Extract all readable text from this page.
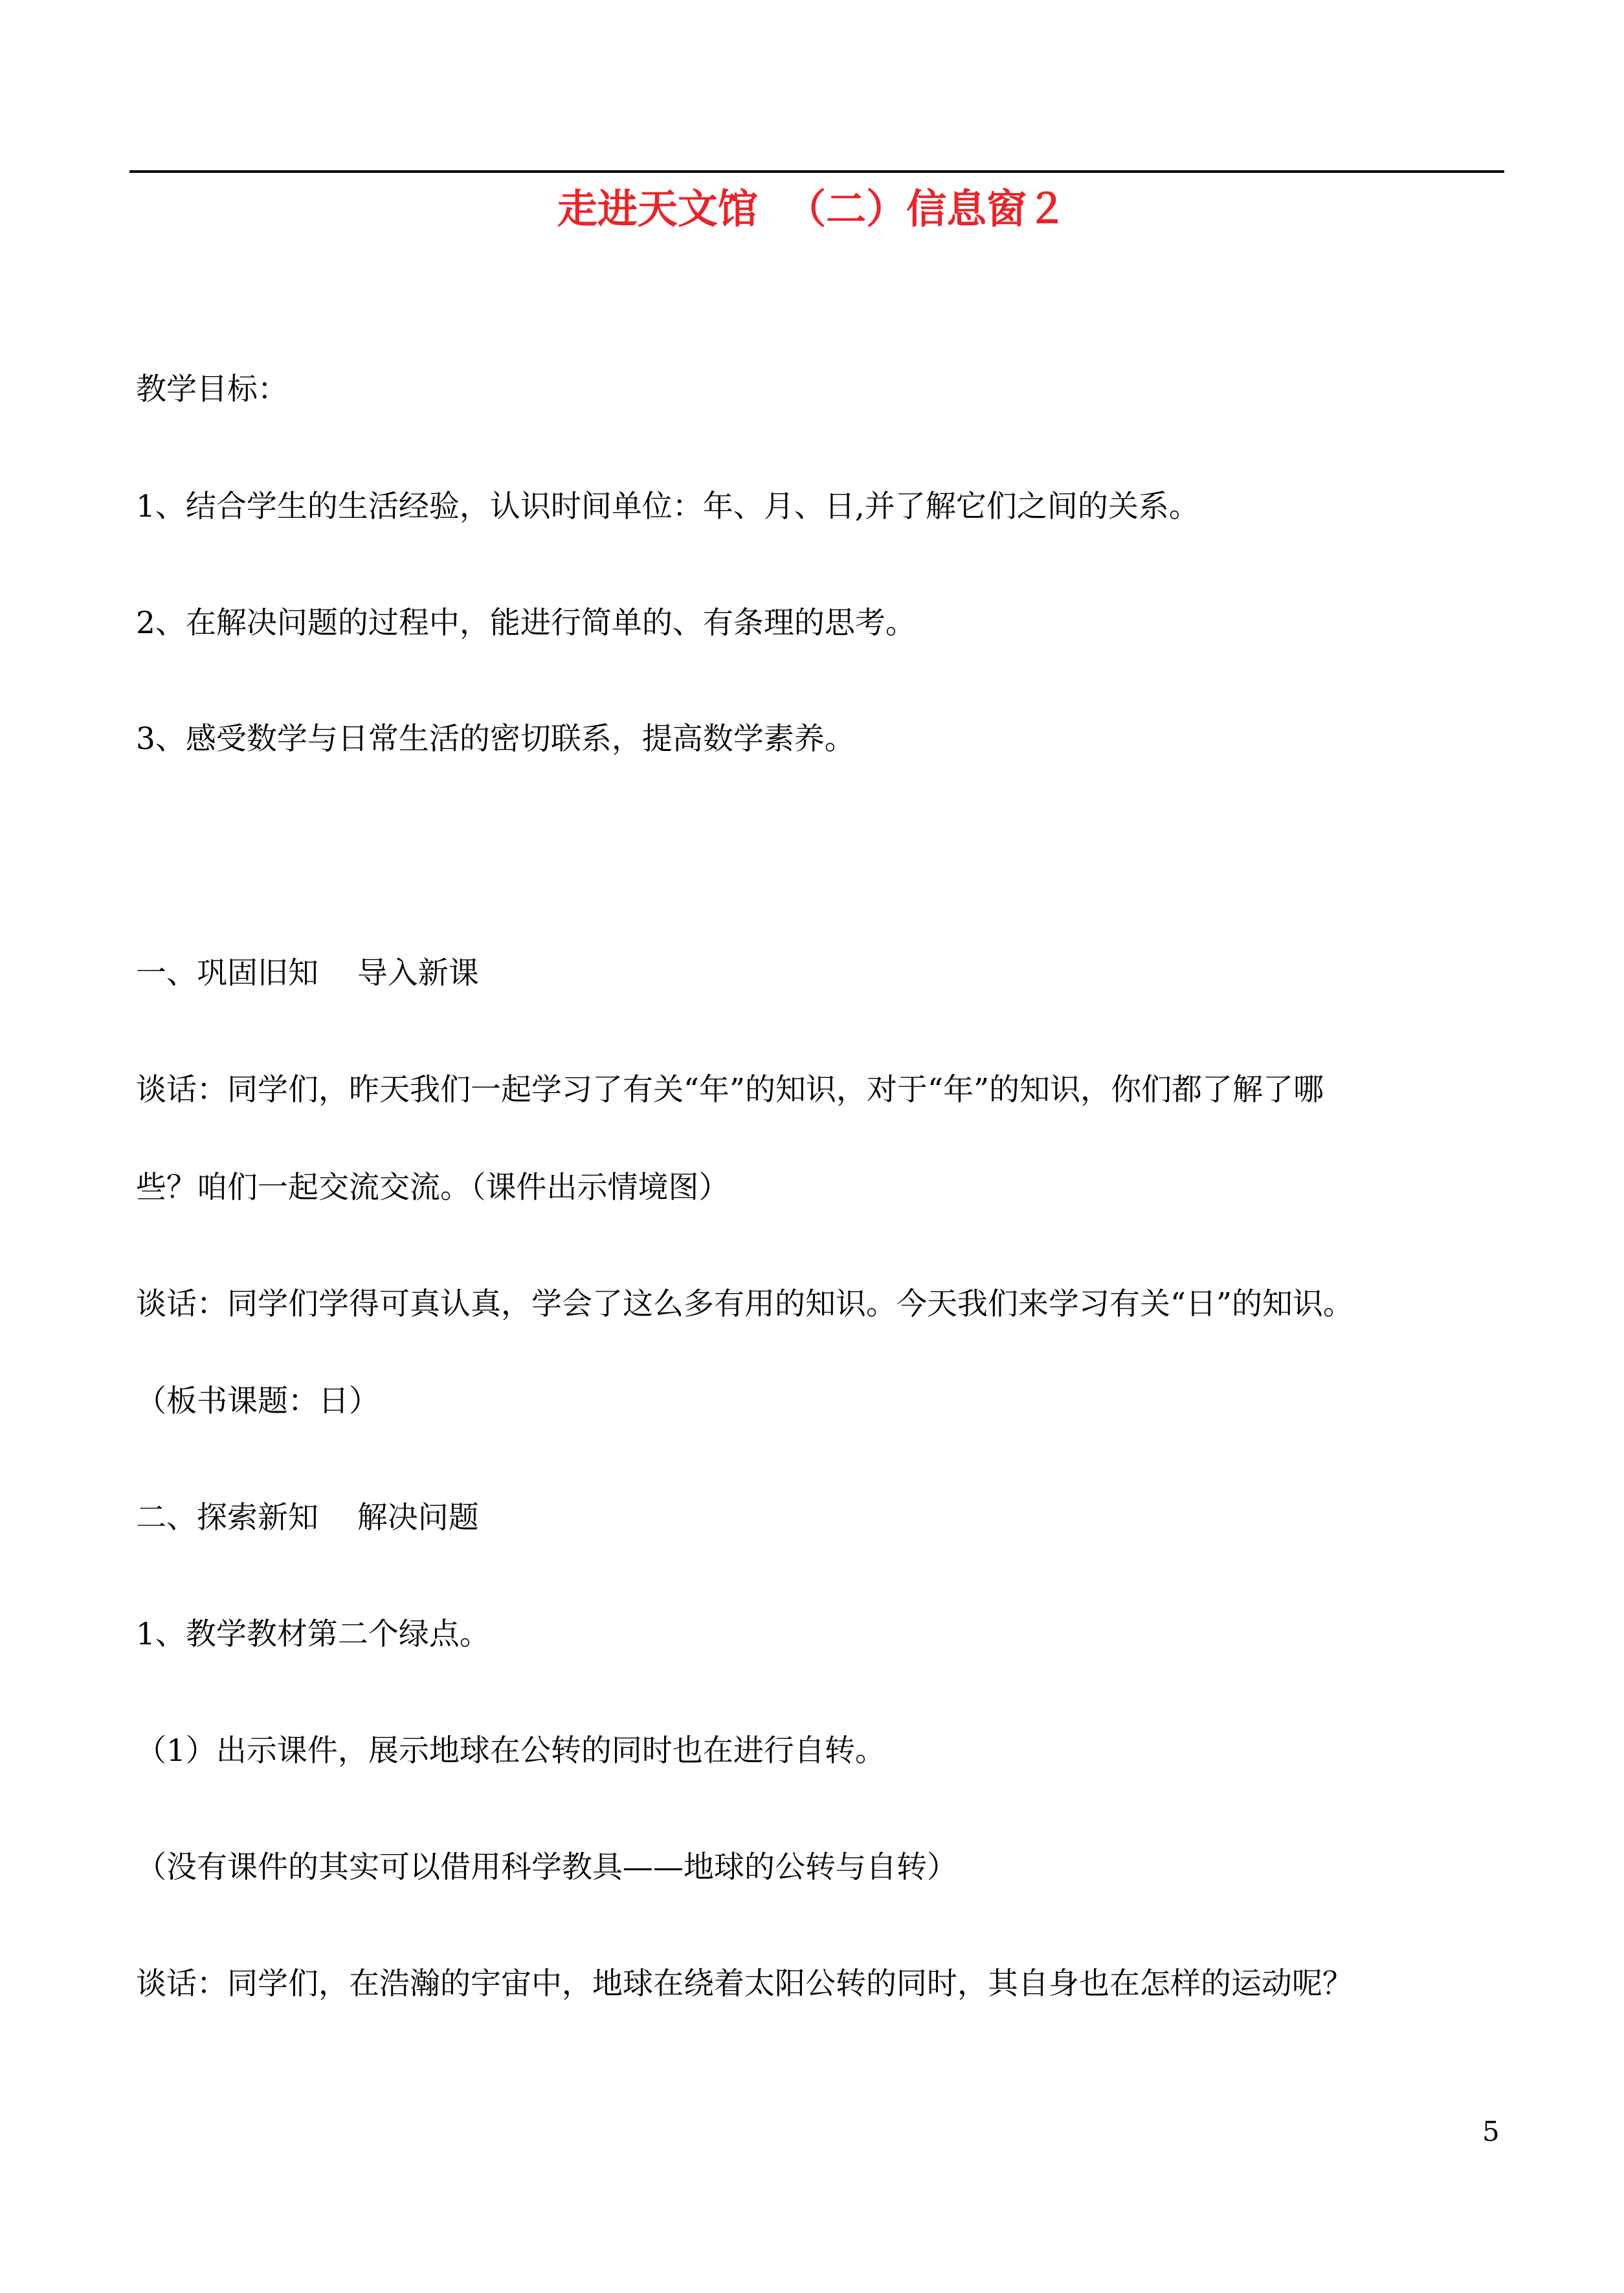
走进天文馆  （二）信息窗２
教学目标：
1、结合学生的生活经验，认识时间单位：年、月、日,并了解它们之间的关系。
2、在解决问题的过程中，能进行简单的、有条理的思考。
3、感受数学与日常生活的密切联系，提高数学素养。
一、巩固旧知    导入新课
谈话：同学们，昨天我们一起学习了有关“年”的知识，对于“年”的知识，你们都了解了哪
些？咱们一起交流交流。（课件出示情境图）
谈话：同学们学得可真认真，学会了这么多有用的知识。今天我们来学习有关“日”的知识。
（板书课题：日）
二、探索新知    解决问题
1、教学教材第二个绿点。
（1）出示课件，展示地球在公转的同时也在进行自转。
（没有课件的其实可以借用科学教具——地球的公转与自转）
谈话：同学们，在浩瀚的宇宙中，地球在绕着太阳公转的同时，其自身也在怎样的运动呢？
5
